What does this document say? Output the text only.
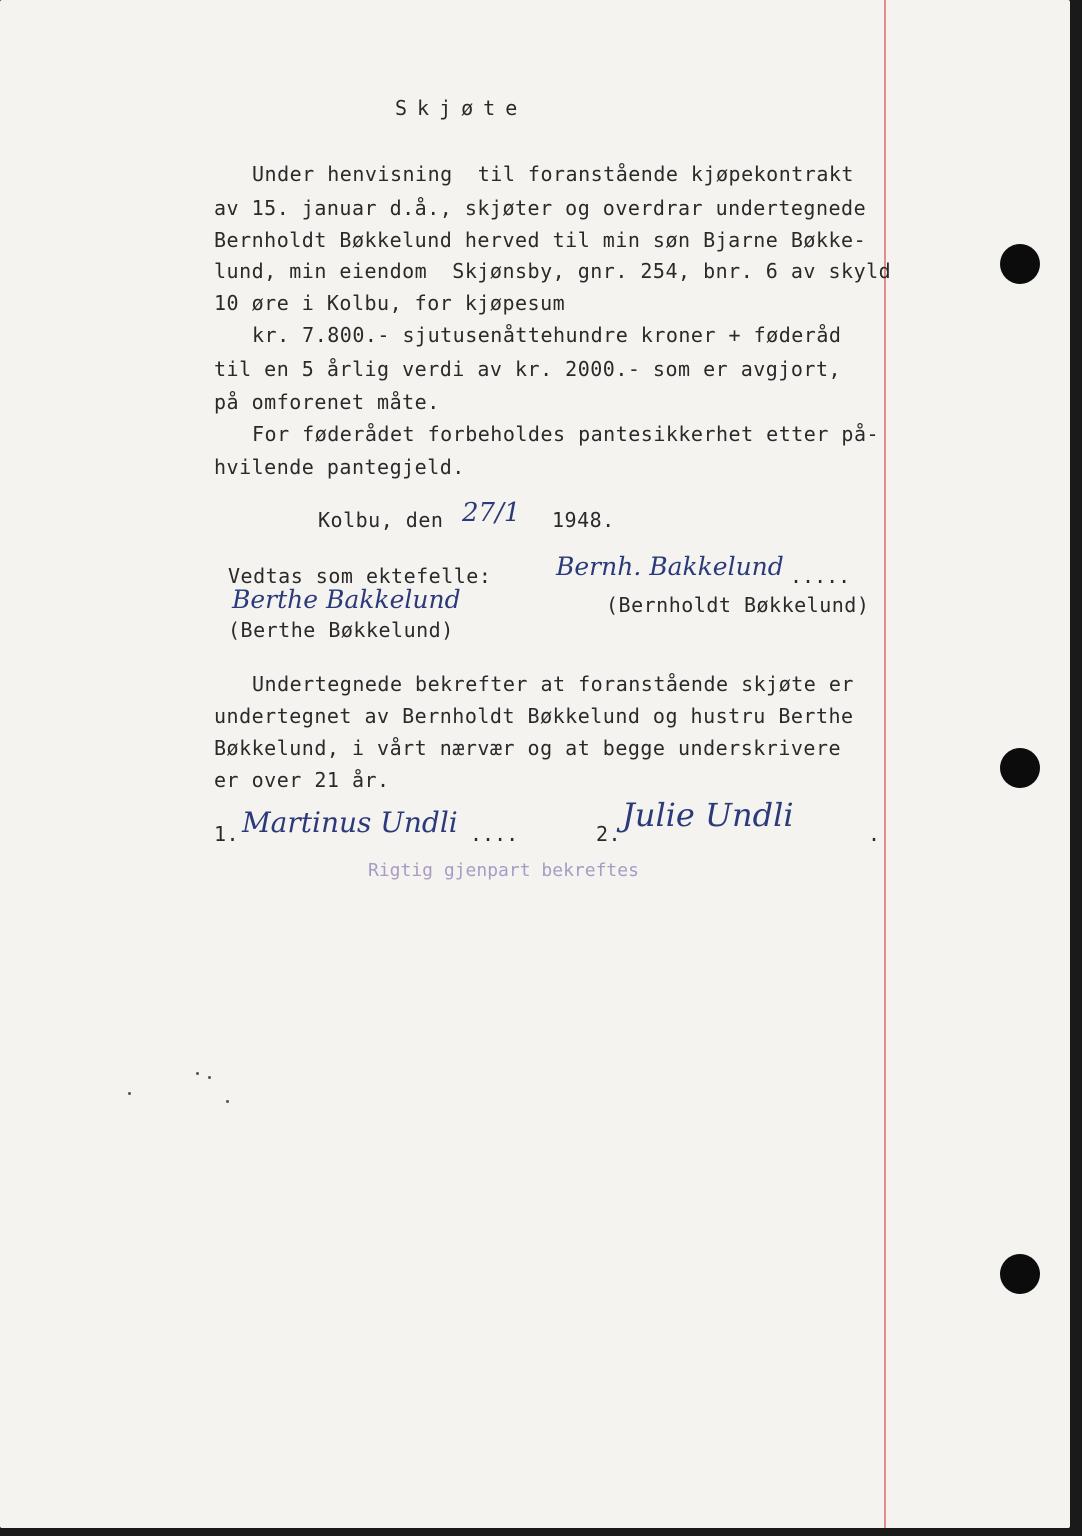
Skjøte
Under henvisning  til foranstående kjøpekontrakt
av 15. januar d.å., skjøter og overdrar undertegnede
Bernholdt Bøkkelund herved til min søn Bjarne Bøkke-
lund, min eiendom  Skjønsby, gnr. 254, bnr. 6 av skyld
10 øre i Kolbu, for kjøpesum
kr. 7.800.- sjutusenåttehundre kroner + føderåd
til en 5 årlig verdi av kr. 2000.- som er avgjort,
på omforenet måte.
For føderådet forbeholdes pantesikkerhet etter på-
hvilende pantegjeld.
Kolbu, den 27/1 1948.
Vedtas som ektefelle:	Bernh. Bakkelund .....
Berthe Bakkelund	(Bernholdt Bøkkelund)
(Berthe Bøkkelund)
Undertegnede bekrefter at foranstående skjøte er
undertegnet av Bernholdt Bøkkelund og hustru Berthe
Bøkkelund, i vårt nærvær og at begge underskrivere
er over 21 år.
1. Martinus Undli ....	2. Julie Undli	.
Rigtig gjenpart bekreftes
